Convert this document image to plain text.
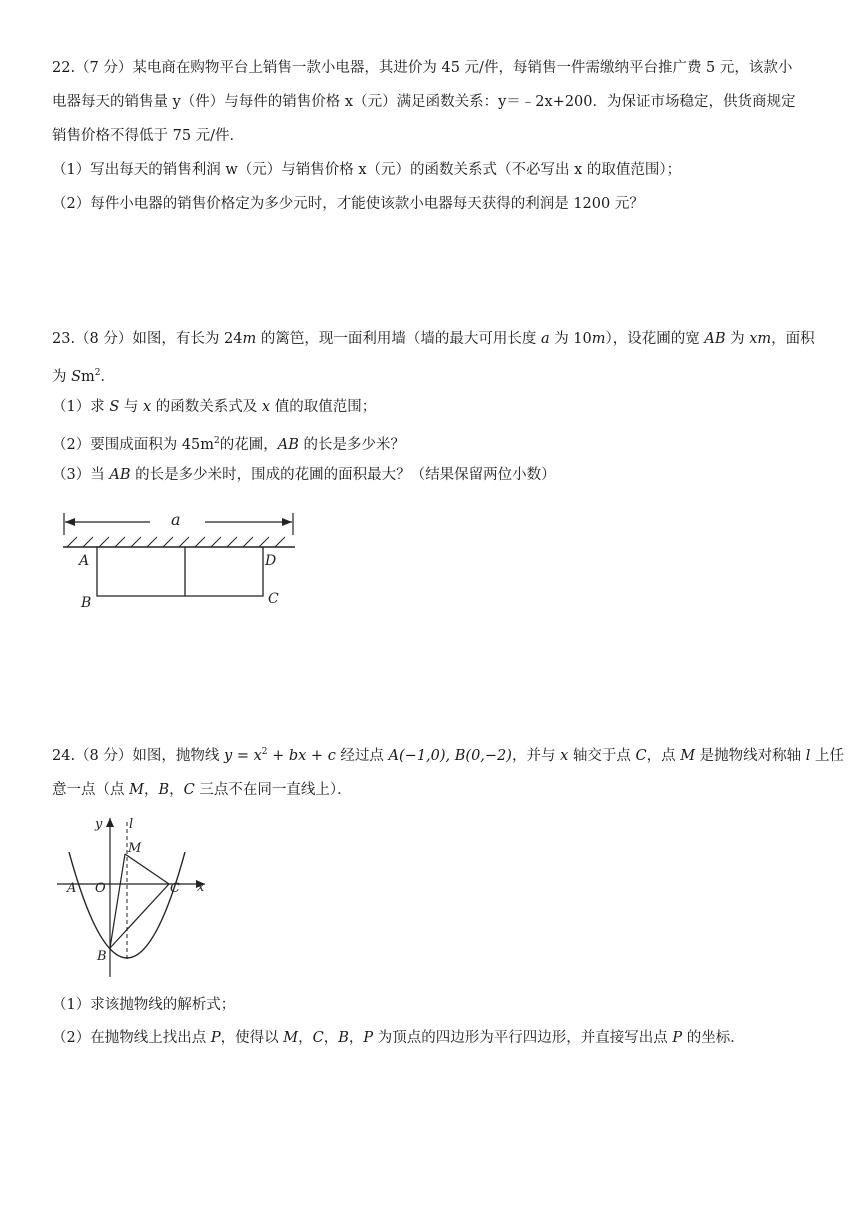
22.（7 分）某电商在购物平台上销售一款小电器，其进价为 45 元/件，每销售一件需缴纳平台推广费 5 元，该款小
电器每天的销售量 y（件）与每件的销售价格 x（元）满足函数关系：y＝﹣2x+200．为保证市场稳定，供货商规定
销售价格不得低于 75 元/件．
（1）写出每天的销售利润 w（元）与销售价格 x（元）的函数关系式（不必写出 x 的取值范围）；
（2）每件小电器的销售价格定为多少元时，才能使该款小电器每天获得的利润是 1200 元？
23.（8 分）如图，有长为 24m 的篱笆，现一面利用墙（墙的最大可用长度 a 为 10m），设花圃的宽 AB 为 xm，面积
为 Sm$^2$．
（1）求 S 与 x 的函数关系式及 x 值的取值范围；
（2）要围成面积为 $45m^2$的花圃，AB 的长是多少米？
（3）当 AB 的长是多少米时，围成的花圃的面积最大？（结果保留两位小数）
a
A
B	C
D
24.（8 分）如图，抛物线 $y = x^2$ + bx + c 经过点 A(−1,0), B(0,−2)，并与 x 轴交于点 C，点 M 是抛物线对称轴 l 上任
意一点（点 M，B，C 三点不在同一直线上）．
y
x
l
M
A O	C
B
（1）求该抛物线的解析式；
（2）在抛物线上找出点 P，使得以 M，C，B，P 为顶点的四边形为平行四边形，并直接写出点 P 的坐标．
